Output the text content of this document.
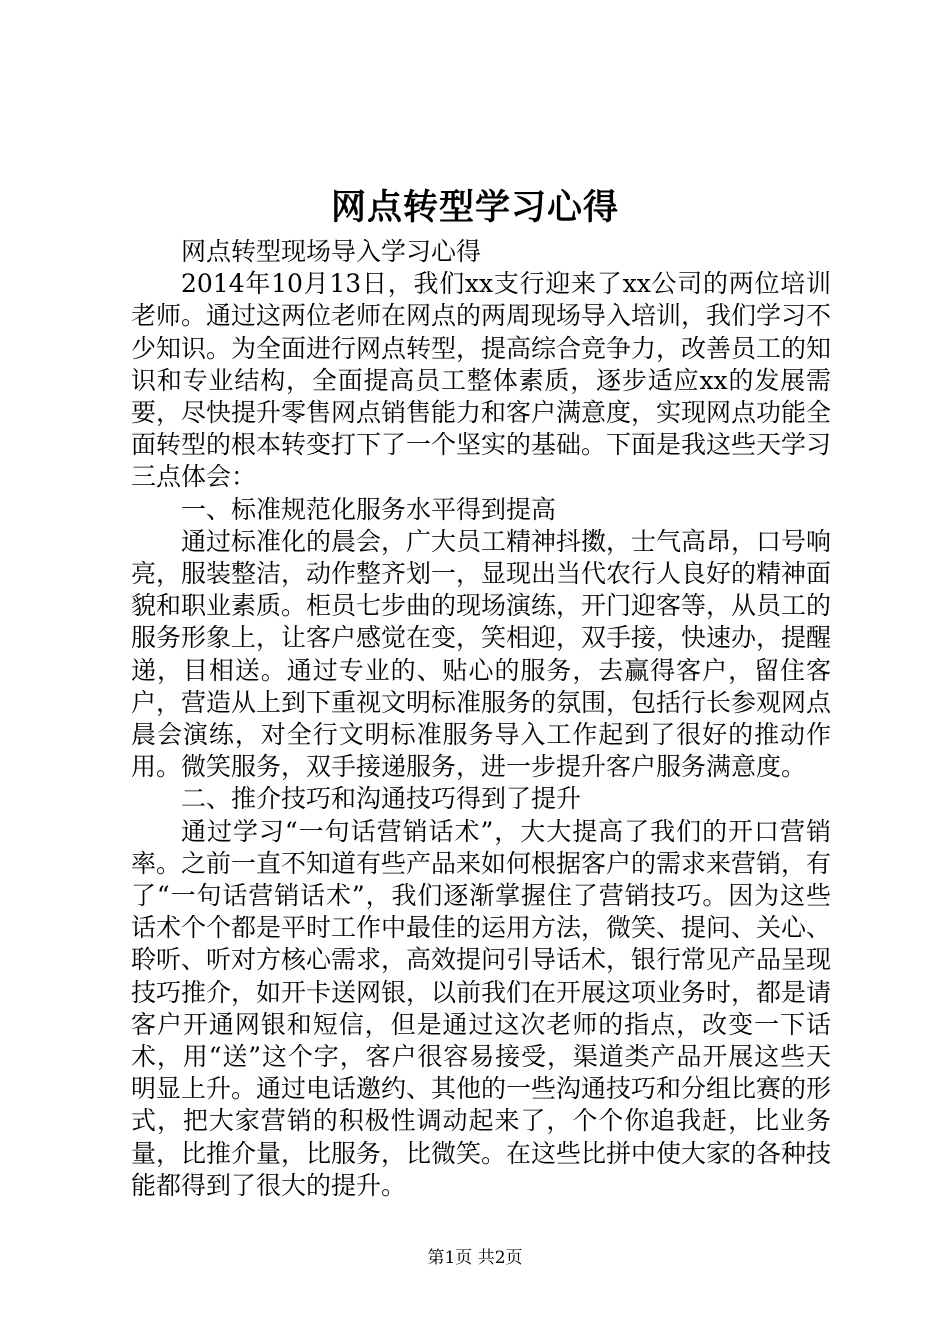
网点转型学习心得

网点转型现场导入学习心得

2014年10月13日，我们xx支行迎来了xx公司的两位培训老师。通过这两位老师在网点的两周现场导入培训，我们学习不少知识。为全面进行网点转型，提高综合竞争力，改善员工的知识和专业结构，全面提高员工整体素质，逐步适应xx的发展需要，尽快提升零售网点销售能力和客户满意度，实现网点功能全面转型的根本转变打下了一个坚实的基础。下面是我这些天学习三点体会：

一、标准规范化服务水平得到提高

通过标准化的晨会，广大员工精神抖擞，士气高昂，口号响亮，服装整洁，动作整齐划一，显现出当代农行人良好的精神面貌和职业素质。柜员七步曲的现场演练，开门迎客等，从员工的服务形象上，让客户感觉在变，笑相迎，双手接，快速办，提醒递，目相送。通过专业的、贴心的服务，去赢得客户，留住客户，营造从上到下重视文明标准服务的氛围，包括行长参观网点晨会演练，对全行文明标准服务导入工作起到了很好的推动作用。微笑服务，双手接递服务，进一步提升客户服务满意度。

二、推介技巧和沟通技巧得到了提升

通过学习“一句话营销话术”，大大提高了我们的开口营销率。之前一直不知道有些产品来如何根据客户的需求来营销，有了“一句话营销话术”，我们逐渐掌握住了营销技巧。因为这些话术个个都是平时工作中最佳的运用方法，微笑、提问、关心、聆听、听对方核心需求，高效提问引导话术，银行常见产品呈现技巧推介，如开卡送网银，以前我们在开展这项业务时，都是请客户开通网银和短信，但是通过这次老师的指点，改变一下话术，用“送”这个字，客户很容易接受，渠道类产品开展这些天明显上升。通过电话邀约、其他的一些沟通技巧和分组比赛的形式，把大家营销的积极性调动起来了，个个你追我赶，比业务量，比推介量，比服务，比微笑。在这些比拼中使大家的各种技能都得到了很大的提升。

第1页 共2页
